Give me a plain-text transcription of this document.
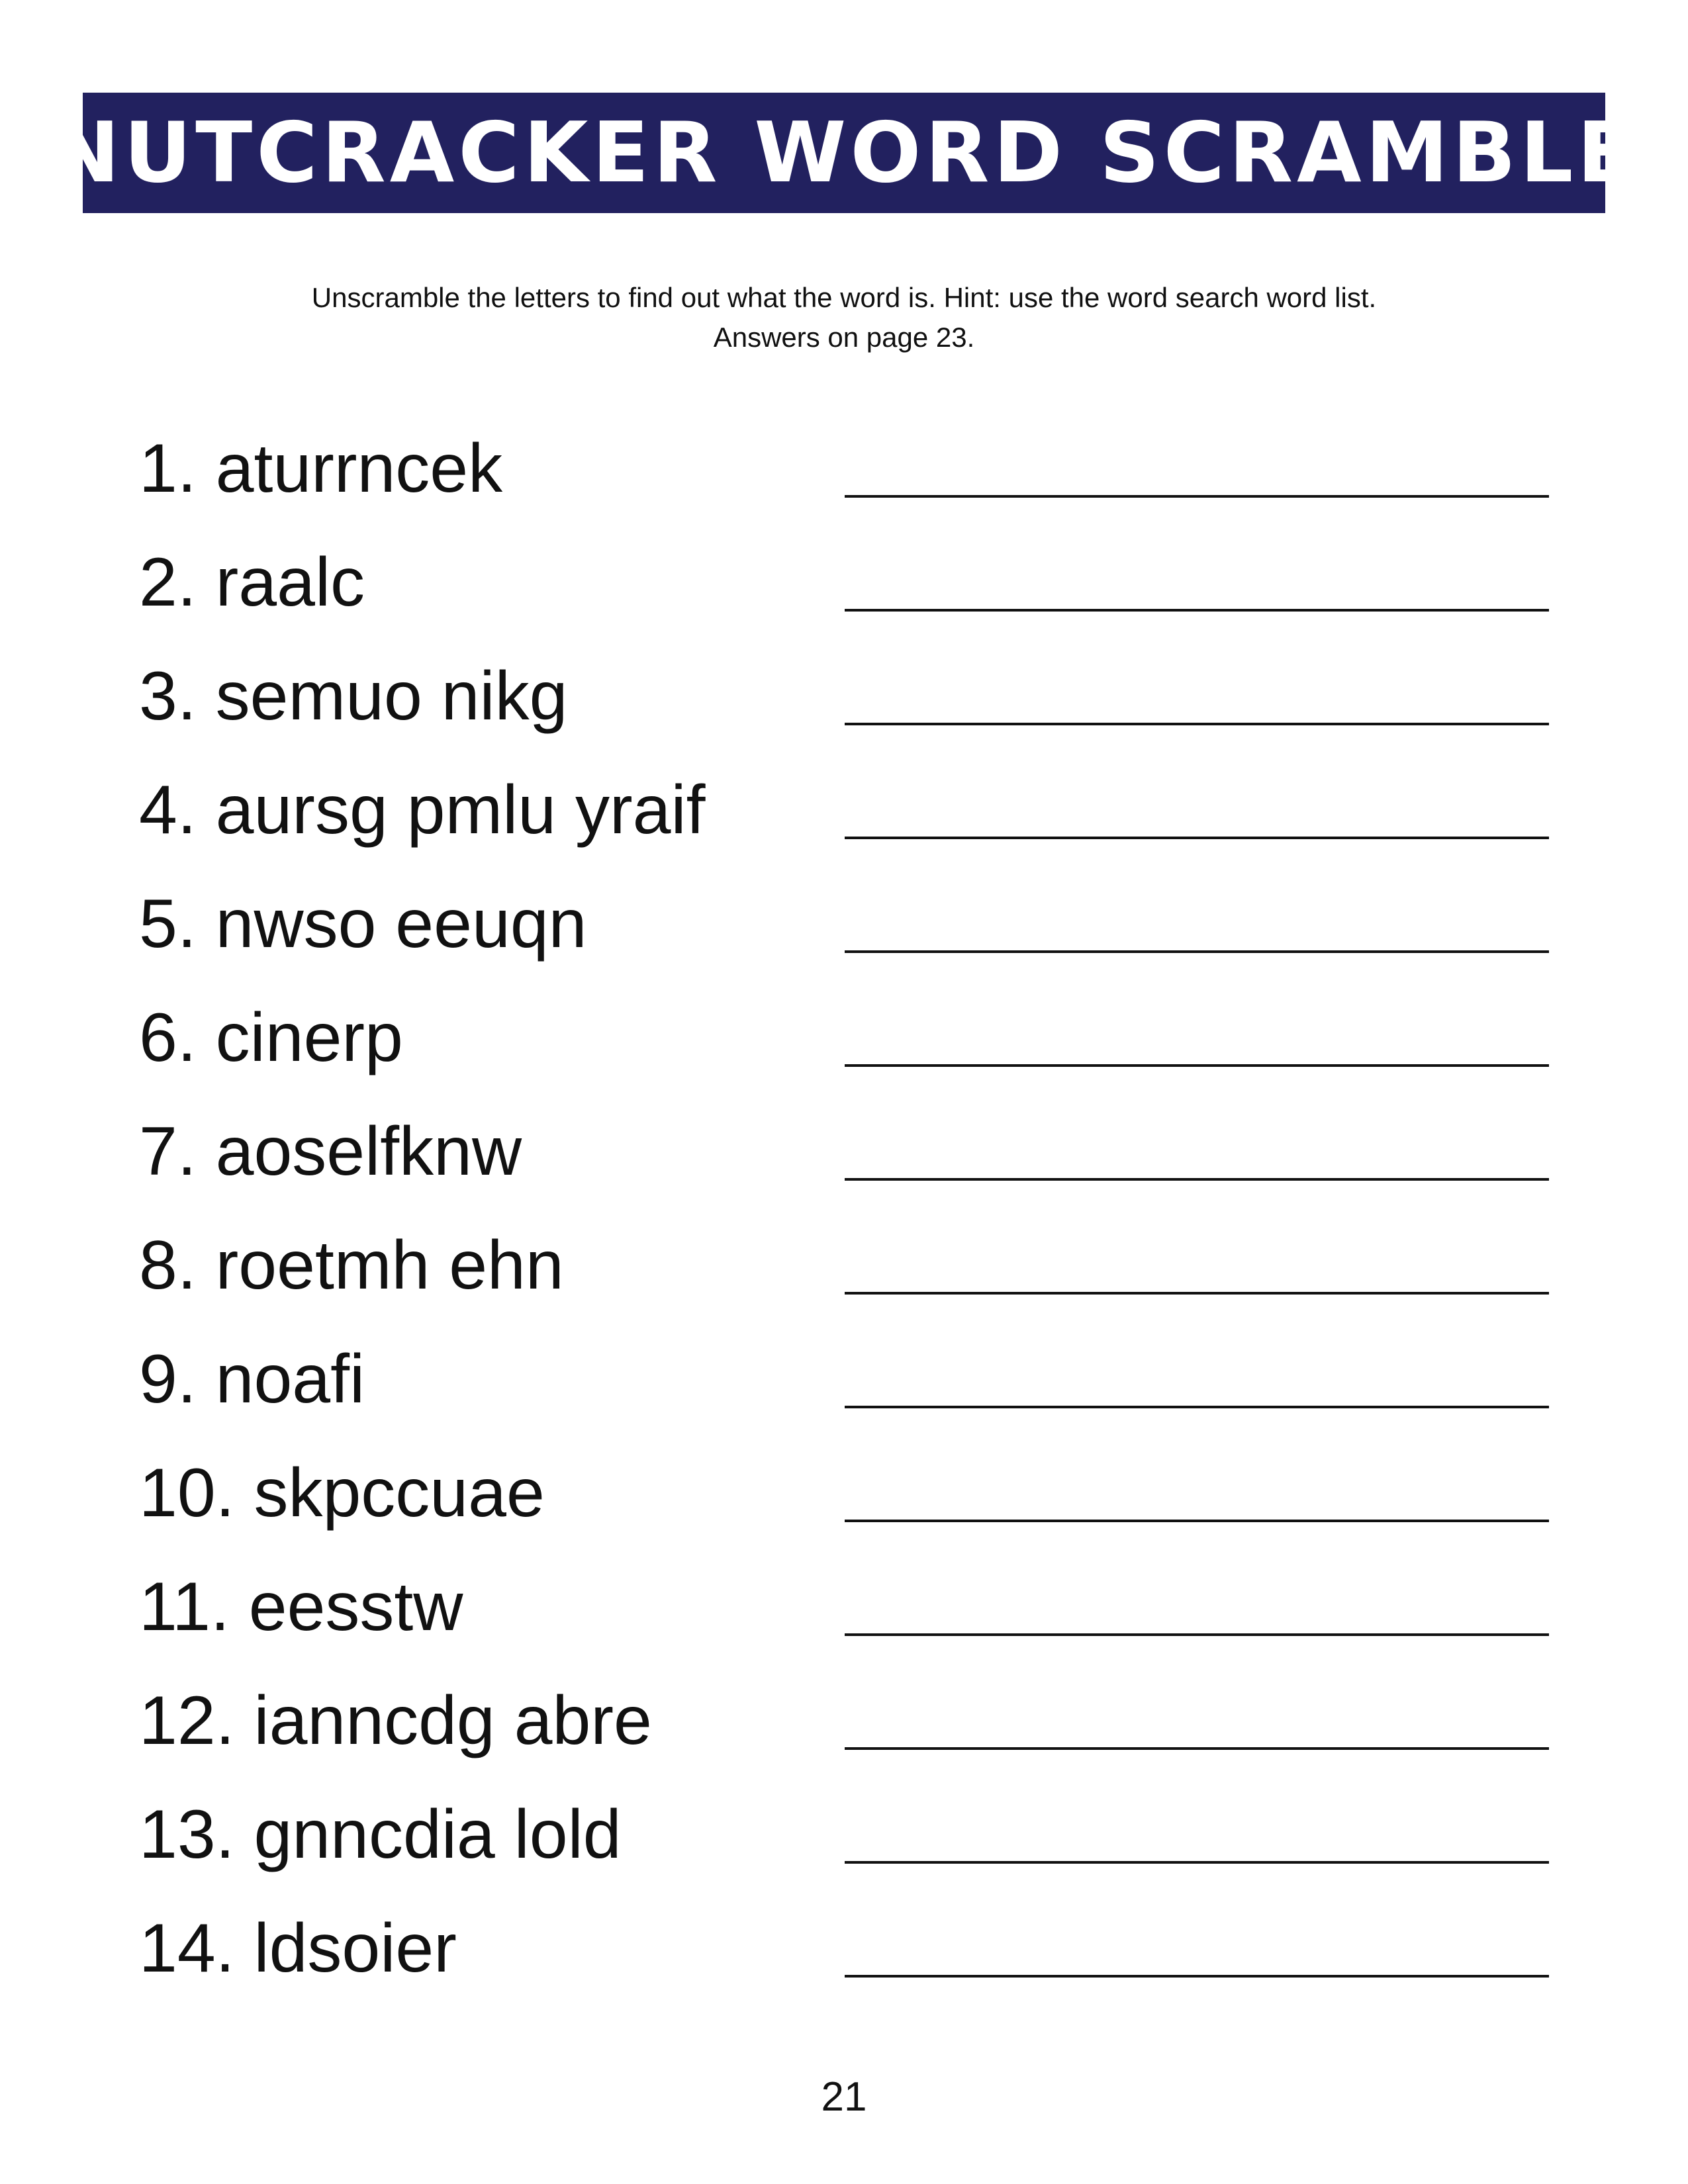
NUTCRACKER WORD SCRAMBLE
Unscramble the letters to find out what the word is. Hint: use the word search word list.
Answers on page 23.
1. aturrncek
2. raalc
3. semuo nikg
4. aursg pmlu yraif
5. nwso eeuqn
6. cinerp
7. aoselfknw
8. roetmh ehn
9. noafi
10. skpccuae
11. eesstw
12. ianncdg abre
13. gnncdia lold
14. ldsoier
21
